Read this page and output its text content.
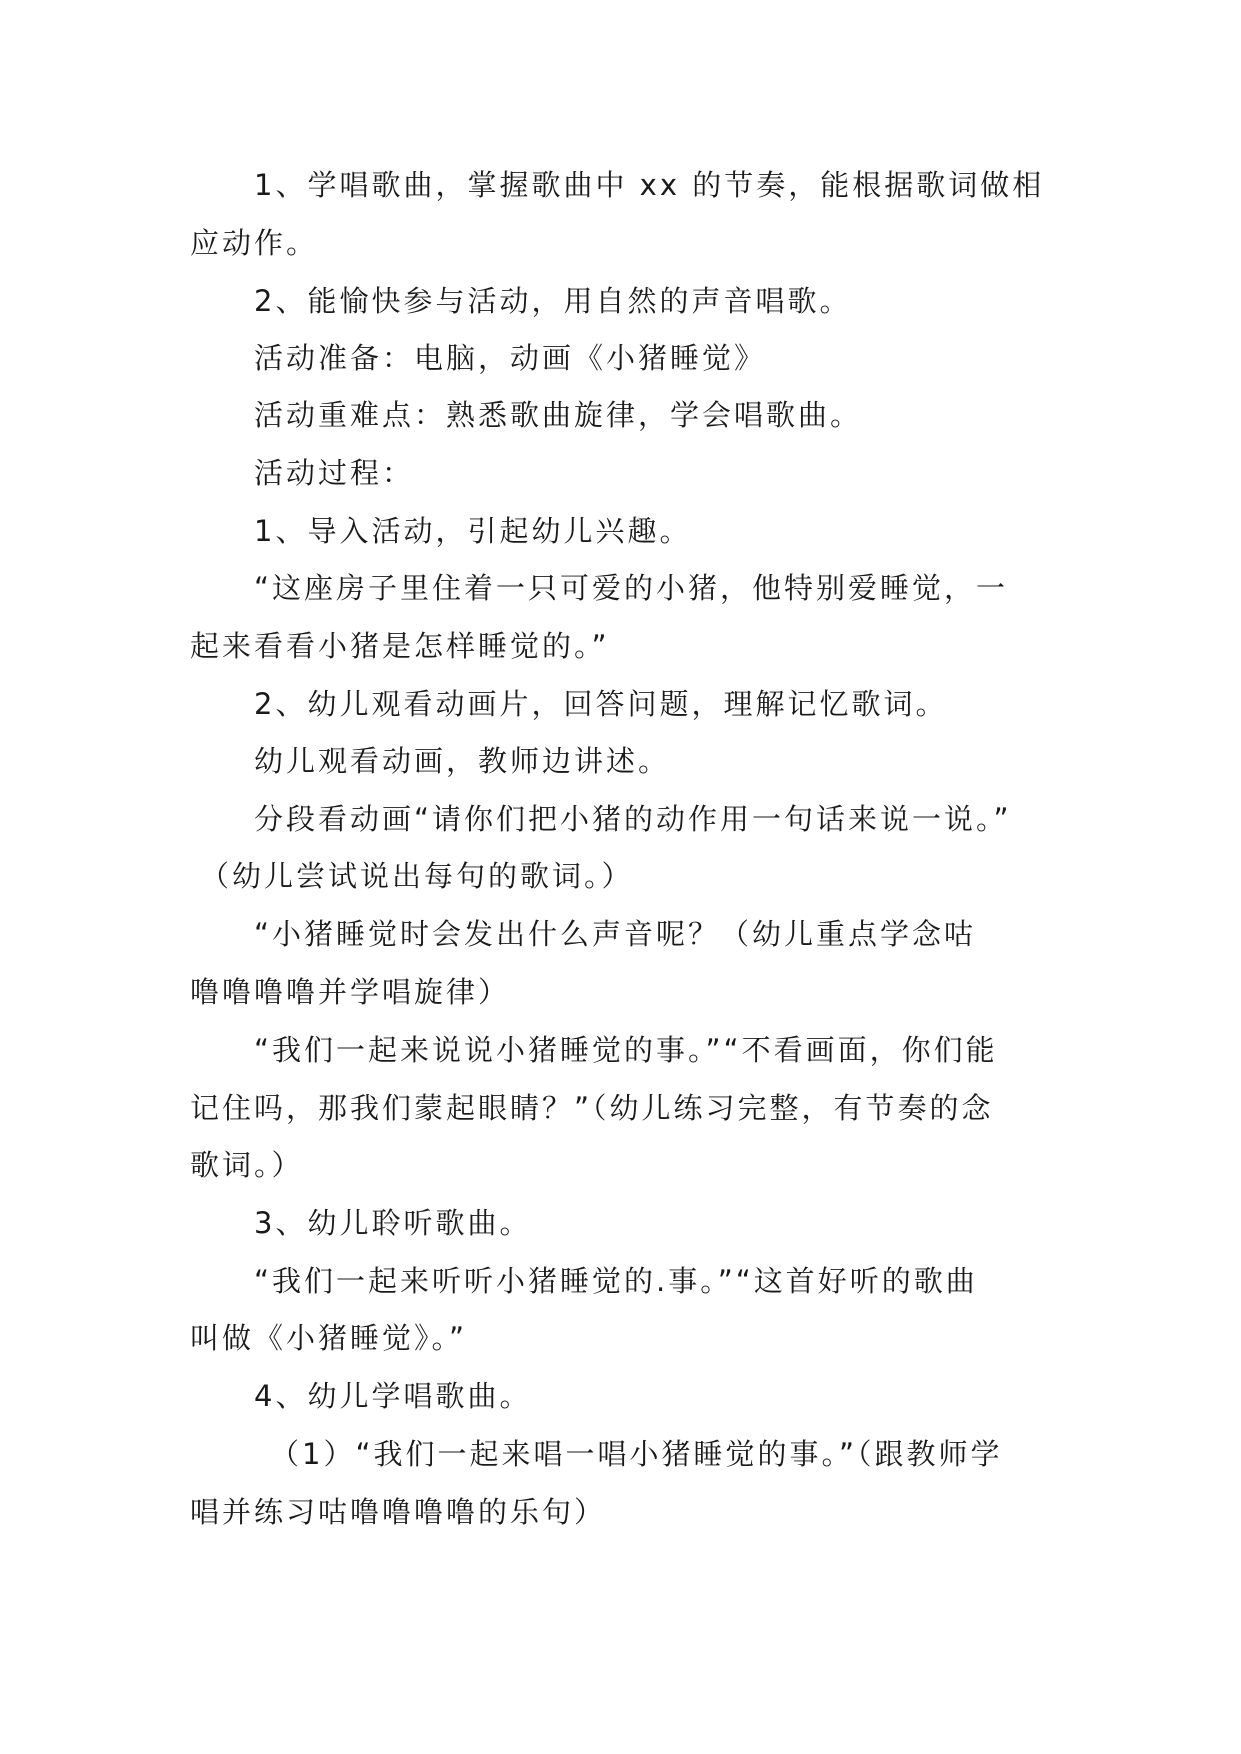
1、学唱歌曲，掌握歌曲中 xx 的节奏，能根据歌词做相
应动作。
2、能愉快参与活动，用自然的声音唱歌。
活动准备：电脑，动画《小猪睡觉》
活动重难点：熟悉歌曲旋律，学会唱歌曲。
活动过程：
1、导入活动，引起幼儿兴趣。
“这座房子里住着一只可爱的小猪，他特别爱睡觉，一
起来看看小猪是怎样睡觉的。”
2、幼儿观看动画片，回答问题，理解记忆歌词。
幼儿观看动画，教师边讲述。
分段看动画“请你们把小猪的动作用一句话来说一说。”
（幼儿尝试说出每句的歌词。）
“小猪睡觉时会发出什么声音呢？（幼儿重点学念咕
噜噜噜噜并学唱旋律）
“我们一起来说说小猪睡觉的事。”“不看画面，你们能
记住吗，那我们蒙起眼睛？”（幼儿练习完整，有节奏的念
歌词。）
3、幼儿聆听歌曲。
“我们一起来听听小猪睡觉的.事。”“这首好听的歌曲
叫做《小猪睡觉》。”
4、幼儿学唱歌曲。
（1）“我们一起来唱一唱小猪睡觉的事。”（跟教师学
唱并练习咕噜噜噜噜的乐句）
